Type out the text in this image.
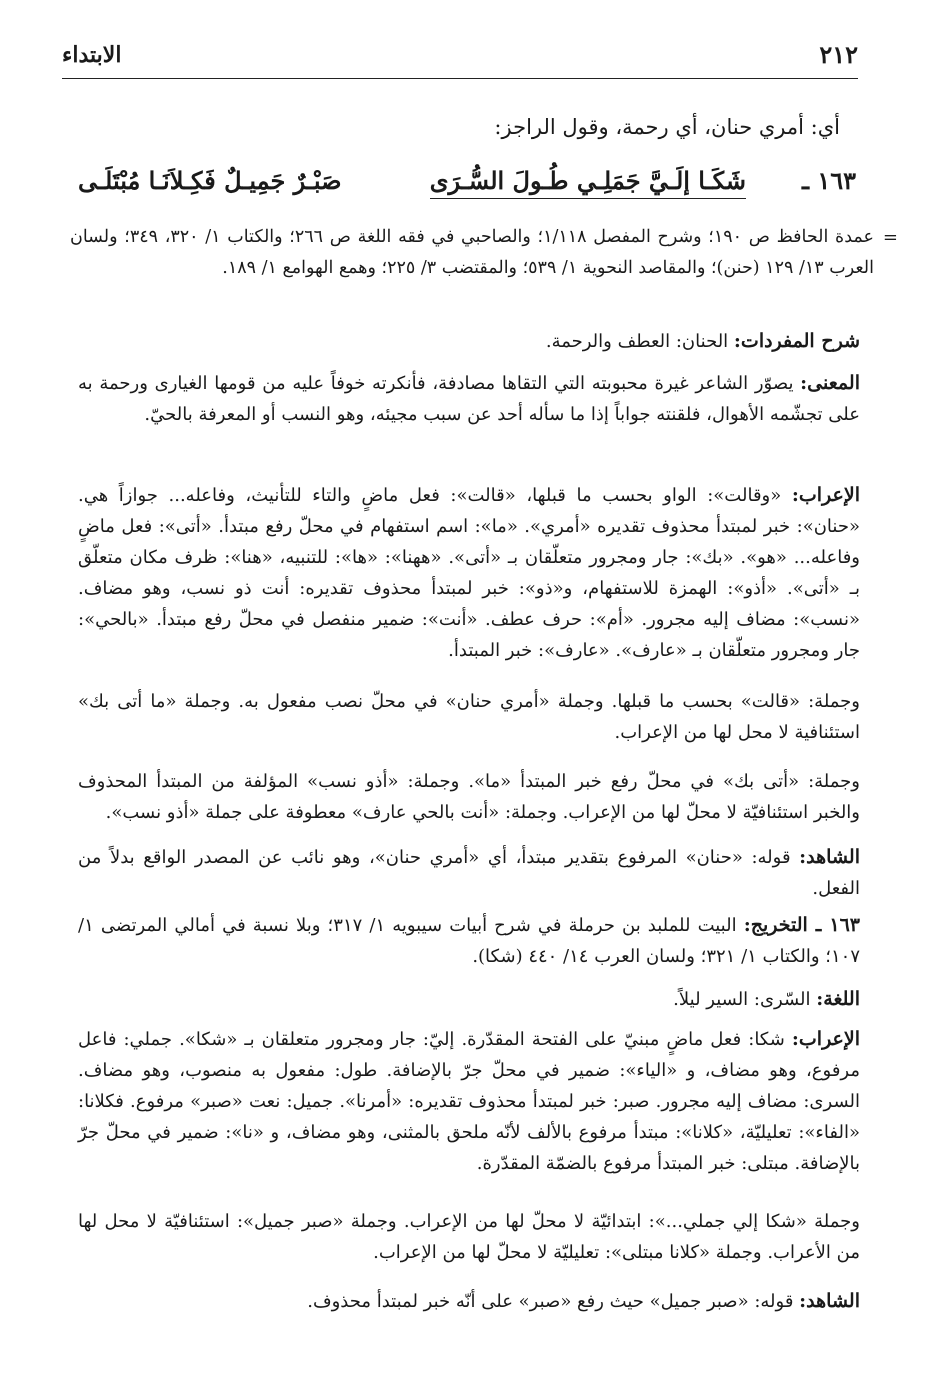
٢١٢
الابتداء
أي: أمري حنان، أي رحمة، وقول الراجز:
١٦٣ ـ
شَكَـا إلَـيَّ جَمَلِـي طُـولَ السُّـرَى
صَبْـرٌ جَمِيـلٌ فَكِـلاَنَـا مُبْتَلَـى
=
عمدة الحافظ ص ١٩٠؛ وشرح المفصل ١/١١٨؛ والصاحبي في فقه اللغة ص ٢٦٦؛ والكتاب ١/ ٣٢٠، ٣٤٩؛ ولسان العرب ١٣/ ١٢٩ (حنن)؛ والمقاصد النحوية ١/ ٥٣٩؛ والمقتضب ٣/ ٢٢٥؛ وهمع الهوامع ١/ ١٨٩.
شرح المفردات: الحنان: العطف والرحمة.
المعنى: يصوّر الشاعر غيرة محبوبته التي التقاها مصادفة، فأنكرته خوفاً عليه من قومها الغيارى ورحمة به على تجشّمه الأهوال، فلقنته جواباً إذا ما سأله أحد عن سبب مجيئه، وهو النسب أو المعرفة بالحيّ.
الإعراب: «وقالت»: الواو بحسب ما قبلها، «قالت»: فعل ماضٍ والتاء للتأنيث، وفاعله... جوازاً هي. «حنان»: خبر لمبتدأ محذوف تقديره «أمري». «ما»: اسم استفهام في محلّ رفع مبتدأ. «أتى»: فعل ماضٍ وفاعله... «هو». «بك»: جار ومجرور متعلّقان بـ «أتى». «ههنا»: «ها»: للتنبيه، «هنا»: ظرف مكان متعلّق بـ «أتى». «أذو»: الهمزة للاستفهام، و«ذو»: خبر لمبتدأ محذوف تقديره: أنت ذو نسب، وهو مضاف. «نسب»: مضاف إليه مجرور. «أم»: حرف عطف. «أنت»: ضمير منفصل في محلّ رفع مبتدأ. «بالحي»: جار ومجرور متعلّقان بـ «عارف». «عارف»: خبر المبتدأ.
وجملة: «قالت» بحسب ما قبلها. وجملة «أمري حنان» في محلّ نصب مفعول به. وجملة «ما أتى بك» استئنافية لا محل لها من الإعراب.
وجملة: «أتى بك» في محلّ رفع خبر المبتدأ «ما». وجملة: «أذو نسب» المؤلفة من المبتدأ المحذوف والخبر استئنافيّة لا محلّ لها من الإعراب. وجملة: «أنت بالحي عارف» معطوفة على جملة «أذو نسب».
الشاهد: قوله: «حنان» المرفوع بتقدير مبتدأ، أي «أمري حنان»، وهو نائب عن المصدر الواقع بدلاً من الفعل.
١٦٣ ـ التخريج: البيت للملبد بن حرملة في شرح أبيات سيبويه ١/ ٣١٧؛ وبلا نسبة في أمالي المرتضى ١/ ١٠٧؛ والكتاب ١/ ٣٢١؛ ولسان العرب ١٤/ ٤٤٠ (شكا).
اللغة: السّرى: السير ليلاً.
الإعراب: شكا: فعل ماضٍ مبنيّ على الفتحة المقدّرة. إليّ: جار ومجرور متعلقان بـ «شكا». جملي: فاعل مرفوع، وهو مضاف، و «الياء»: ضمير في محلّ جرّ بالإضافة. طول: مفعول به منصوب، وهو مضاف. السرى: مضاف إليه مجرور. صبر: خبر لمبتدأ محذوف تقديره: «أمرنا». جميل: نعت «صبر» مرفوع. فكلانا: «الفاء»: تعليليّة، «كلانا»: مبتدأ مرفوع بالألف لأنّه ملحق بالمثنى، وهو مضاف، و «نا»: ضمير في محلّ جرّ بالإضافة. مبتلى: خبر المبتدأ مرفوع بالضمّة المقدّرة.
وجملة «شكا إلي جملي...»: ابتدائيّة لا محلّ لها من الإعراب. وجملة «صبر جميل»: استئنافيّة لا محل لها من الأعراب. وجملة «كلانا مبتلى»: تعليليّة لا محلّ لها من الإعراب.
الشاهد: قوله: «صبر جميل» حيث رفع «صبر» على أنّه خبر لمبتدأ محذوف.
